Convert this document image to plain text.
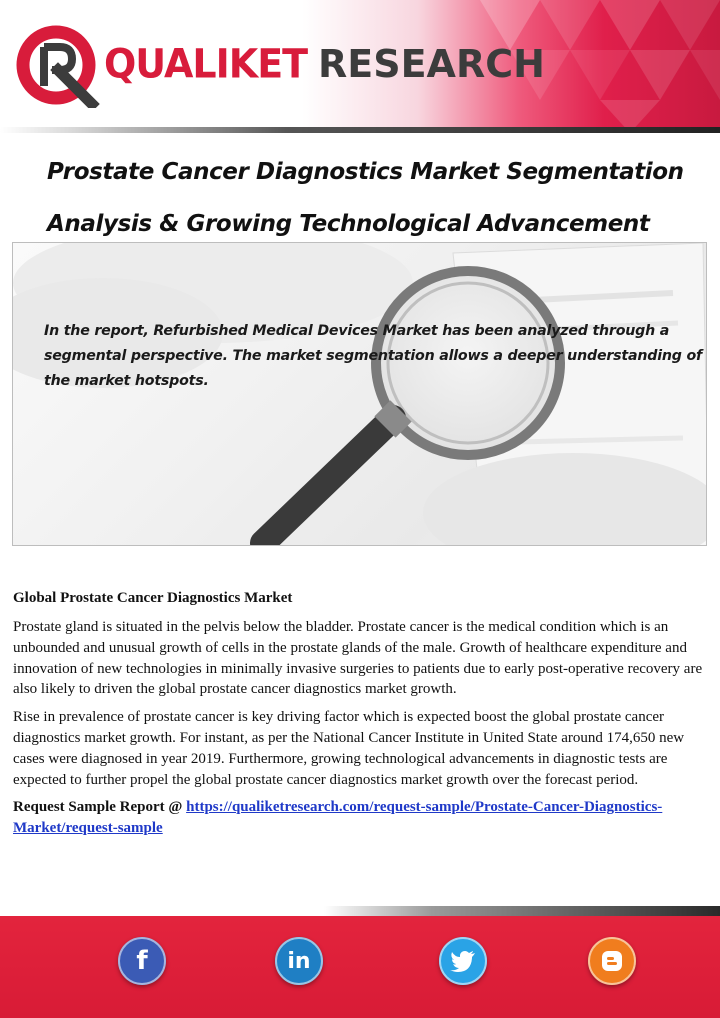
QUALIKET RESEARCH
Prostate Cancer Diagnostics Market Segmentation
Analysis & Growing Technological Advancement
In the report, Refurbished Medical Devices Market has been analyzed through a segmental perspective. The market segmentation allows a deeper understanding of the market hotspots.
Global Prostate Cancer Diagnostics Market

Prostate gland is situated in the pelvis below the bladder. Prostate cancer is the medical condition which is an unbounded and unusual growth of cells in the prostate glands of the male. Growth of healthcare expenditure and innovation of new technologies in minimally invasive surgeries to patients due to early post-operative recovery are also likely to driven the global prostate cancer diagnostics market growth.

Rise in prevalence of prostate cancer is key driving factor which is expected boost the global prostate cancer diagnostics market growth. For instant, as per the National Cancer Institute in United State around 174,650 new cases were diagnosed in year 2019. Furthermore, growing technological advancements in diagnostic tests are expected to further propel the global prostate cancer diagnostics market growth over the forecast period.

Request Sample Report @ https://qualiketresearch.com/request-sample/Prostate-Cancer-Diagnostics-Market/request-sample

f	in
